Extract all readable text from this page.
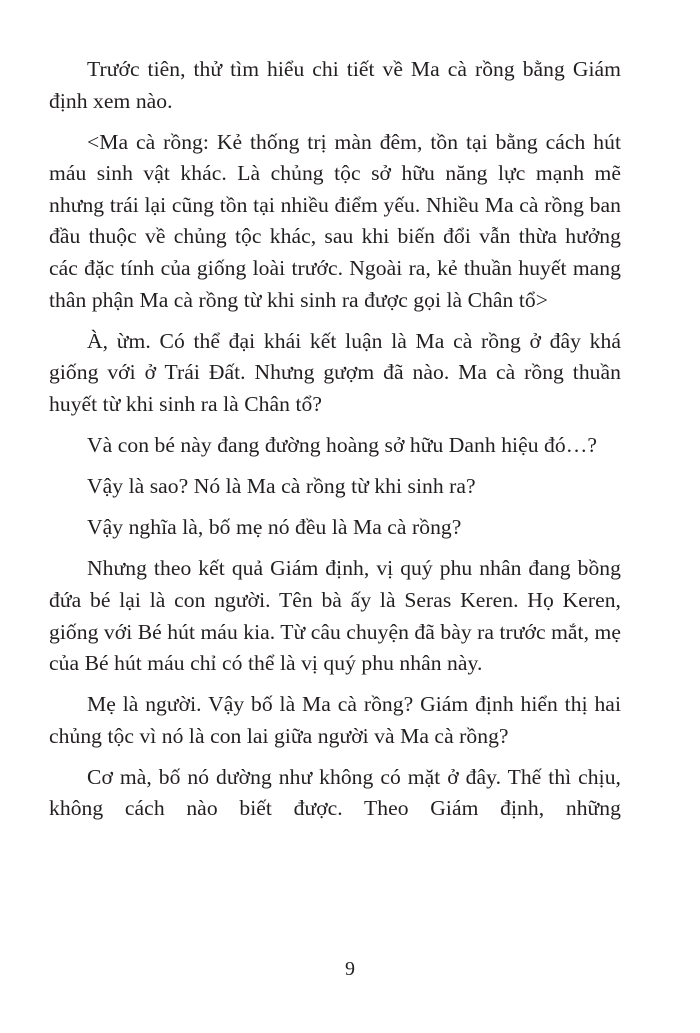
Trước tiên, thử tìm hiểu chi tiết về Ma cà rồng bằng Giám định xem nào.

<Ma cà rồng: Kẻ thống trị màn đêm, tồn tại bằng cách hút máu sinh vật khác. Là chủng tộc sở hữu năng lực mạnh mẽ nhưng trái lại cũng tồn tại nhiều điểm yếu. Nhiều Ma cà rồng ban đầu thuộc về chủng tộc khác, sau khi biến đổi vẫn thừa hưởng các đặc tính của giống loài trước. Ngoài ra, kẻ thuần huyết mang thân phận Ma cà rồng từ khi sinh ra được gọi là Chân tổ>

À, ừm. Có thể đại khái kết luận là Ma cà rồng ở đây khá giống với ở Trái Đất. Nhưng gượm đã nào. Ma cà rồng thuần huyết từ khi sinh ra là Chân tổ?

Và con bé này đang đường hoàng sở hữu Danh hiệu đó…?

Vậy là sao? Nó là Ma cà rồng từ khi sinh ra?

Vậy nghĩa là, bố mẹ nó đều là Ma cà rồng?

Nhưng theo kết quả Giám định, vị quý phu nhân đang bồng đứa bé lại là con người. Tên bà ấy là Seras Keren. Họ Keren, giống với Bé hút máu kia. Từ câu chuyện đã bày ra trước mắt, mẹ của Bé hút máu chỉ có thể là vị quý phu nhân này.

Mẹ là người. Vậy bố là Ma cà rồng? Giám định hiển thị hai chủng tộc vì nó là con lai giữa người và Ma cà rồng?

Cơ mà, bố nó dường như không có mặt ở đây. Thế thì chịu, không cách nào biết được. Theo Giám định, những

9
